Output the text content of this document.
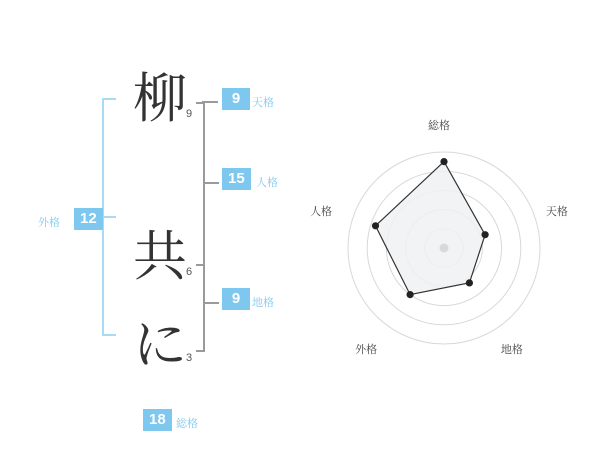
柳
共
に
9
6
3
9	天格
15	人格
9	地格
12
外格
18 総格
総格
天格
地格
外格
人格
